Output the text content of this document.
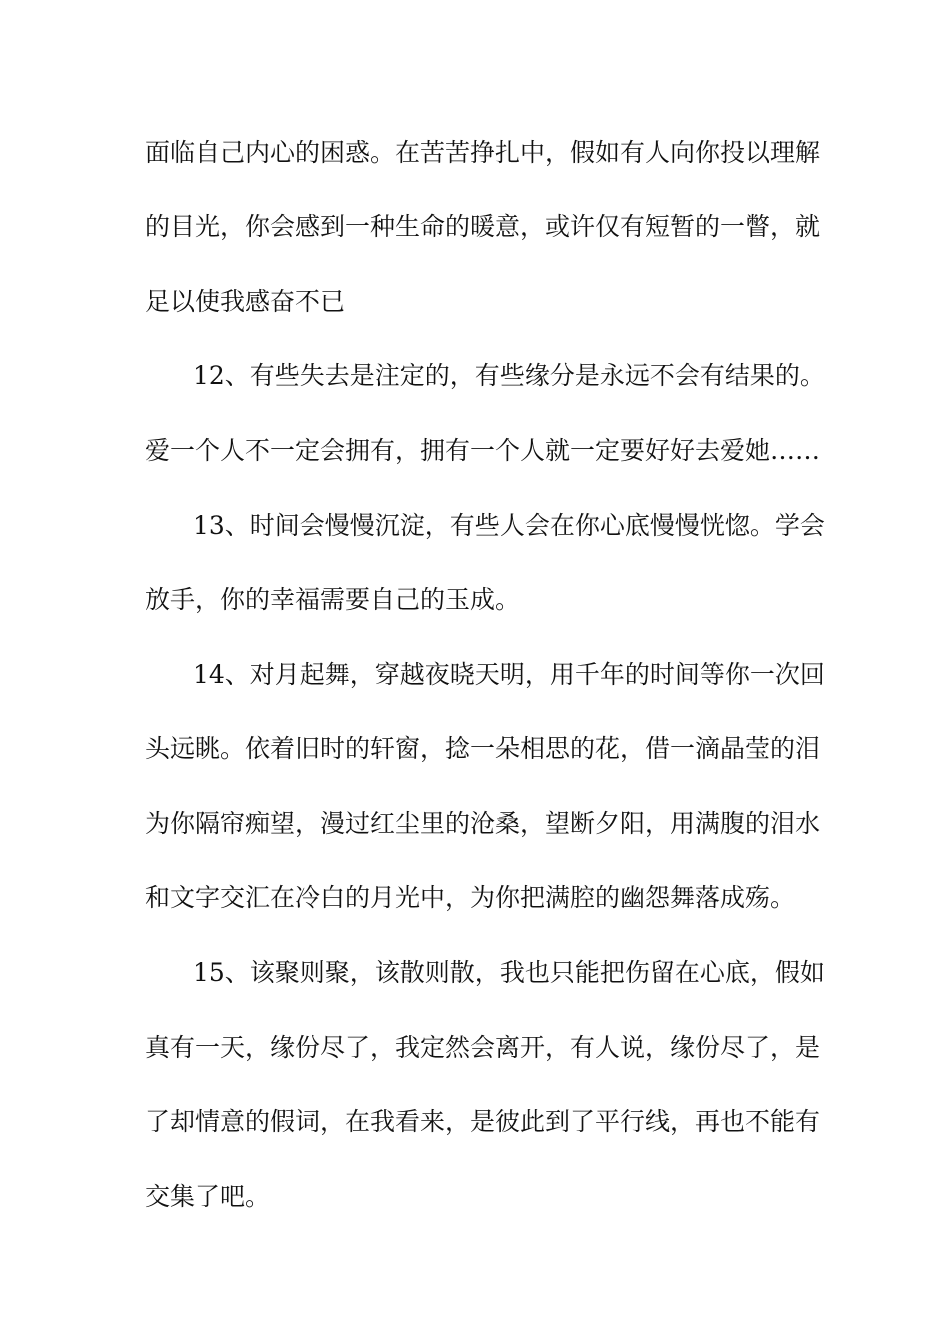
面临自己内心的困惑。在苦苦挣扎中，假如有人向你投以理解
的目光，你会感到一种生命的暖意，或许仅有短暂的一瞥，就
足以使我感奋不已
12、有些失去是注定的，有些缘分是永远不会有结果的。
爱一个人不一定会拥有，拥有一个人就一定要好好去爱她……
13、时间会慢慢沉淀，有些人会在你心底慢慢恍惚。学会
放手，你的幸福需要自己的玉成。
14、对月起舞，穿越夜晓天明，用千年的时间等你一次回
头远眺。依着旧时的轩窗，捻一朵相思的花，借一滴晶莹的泪
为你隔帘痴望，漫过红尘里的沧桑，望断夕阳，用满腹的泪水
和文字交汇在冷白的月光中，为你把满腔的幽怨舞落成殇。
15、该聚则聚，该散则散，我也只能把伤留在心底，假如
真有一天，缘份尽了，我定然会离开，有人说，缘份尽了，是
了却情意的假词，在我看来，是彼此到了平行线，再也不能有
交集了吧。
